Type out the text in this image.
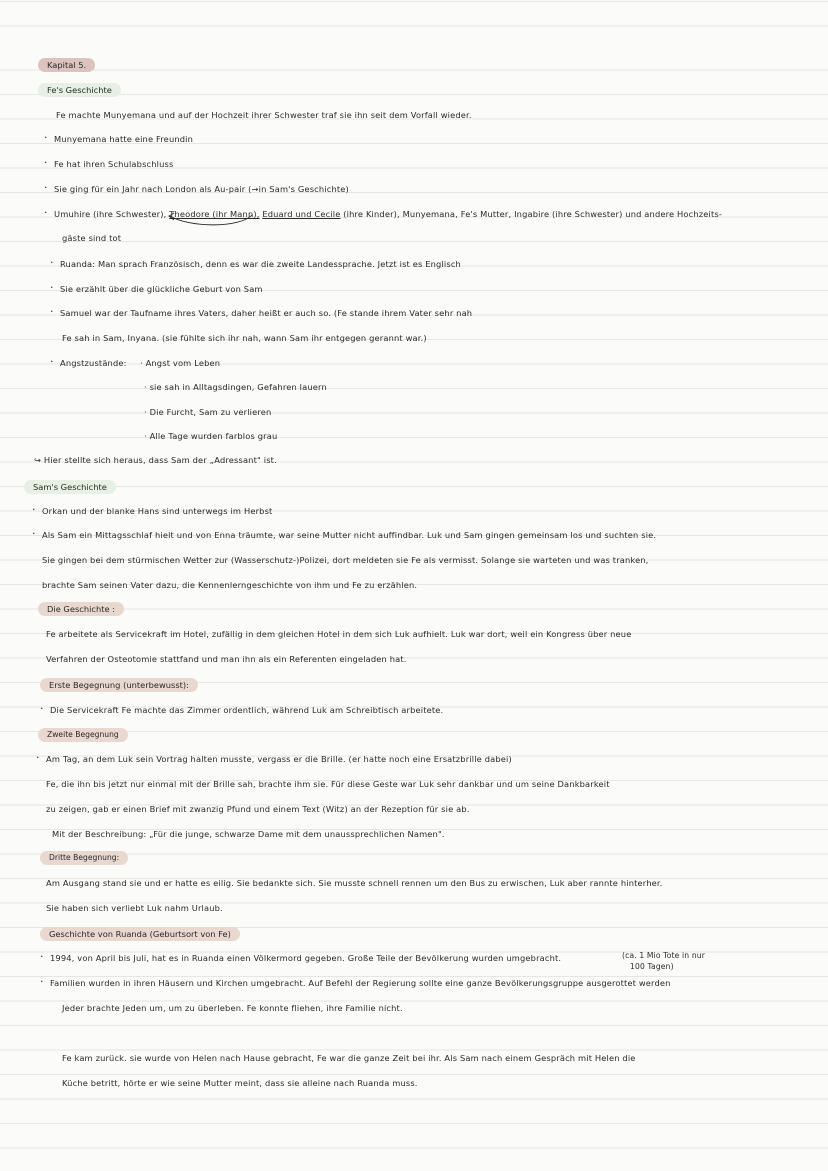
Kapital 5.
Fe's Geschichte
Fe machte Munyemana und auf der Hochzeit ihrer Schwester traf sie ihn seit dem Vorfall wieder.
· Munyemana hatte eine Freundin
· Fe hat ihren Schulabschluss
· Sie ging für ein Jahr nach London als Au-pair (→in Sam's Geschichte)
· Umuhire (ihre Schwester), Theodore (ihr Mann), Eduard und Cecile (ihre Kinder), Munyemana, Fe's Mutter, Ingabire (ihre Schwester) und andere Hochzeits-
gäste sind tot
· Ruanda: Man sprach Französisch, denn es war die zweite Landessprache. Jetzt ist es Englisch
· Sie erzählt über die glückliche Geburt von Sam
· Samuel war der Taufname ihres Vaters, daher heißt er auch so. (Fe stande ihrem Vater sehr nah
Fe sah in Sam, Inyana. (sie fühlte sich ihr nah, wann Sam ihr entgegen gerannt war.)
· Angstzustände: · Angst vom Leben
· sie sah in Alltagsdingen, Gefahren lauern
· Die Furcht, Sam zu verlieren
· Alle Tage wurden farblos grau
↪ Hier stellte sich heraus, dass Sam der „Adressant" ist.
Sam's Geschichte
· Orkan und der blanke Hans sind unterwegs im Herbst
· Als Sam ein Mittagsschlaf hielt und von Enna träumte, war seine Mutter nicht auffindbar. Luk und Sam gingen gemeinsam los und suchten sie.
Sie gingen bei dem stürmischen Wetter zur (Wasserschutz-)Polizei, dort meldeten sie Fe als vermisst. Solange sie warteten und was tranken,
brachte Sam seinen Vater dazu, die Kennenlerngeschichte von ihm und Fe zu erzählen.
Die Geschichte :
Fe arbeitete als Servicekraft im Hotel, zufällig in dem gleichen Hotel in dem sich Luk aufhielt. Luk war dort, weil ein Kongress über neue
Verfahren der Osteotomie stattfand und man ihn als ein Referenten eingeladen hat.
Erste Begegnung (unterbewusst):
· Die Servicekraft Fe machte das Zimmer ordentlich, während Luk am Schreibtisch arbeitete.
Zweite Begegnung
· Am Tag, an dem Luk sein Vortrag halten musste, vergass er die Brille. (er hatte noch eine Ersatzbrille dabei)
Fe, die ihn bis jetzt nur einmal mit der Brille sah, brachte ihm sie. Für diese Geste war Luk sehr dankbar und um seine Dankbarkeit
zu zeigen, gab er einen Brief mit zwanzig Pfund und einem Text (Witz) an der Rezeption für sie ab.
Mit der Beschreibung: „Für die junge, schwarze Dame mit dem unaussprechlichen Namen".
Dritte Begegnung:
Am Ausgang stand sie und er hatte es eilig. Sie bedankte sich. Sie musste schnell rennen um den Bus zu erwischen, Luk aber rannte hinterher.
Sie haben sich verliebt Luk nahm Urlaub.
Geschichte von Ruanda (Geburtsort von Fe)
· 1994, von April bis Juli, hat es in Ruanda einen Völkermord gegeben. Große Teile der Bevölkerung wurden umgebracht.	(ca. 1 Mio Tote in nur
100 Tagen)
· Familien wurden in ihren Häusern und Kirchen umgebracht. Auf Befehl der Regierung sollte eine ganze Bevölkerungsgruppe ausgerottet werden
Jeder brachte Jeden um, um zu überleben. Fe konnte fliehen, ihre Familie nicht.
Fe kam zurück. sie wurde von Helen nach Hause gebracht, Fe war die ganze Zeit bei ihr. Als Sam nach einem Gespräch mit Helen die
Küche betritt, hörte er wie seine Mutter meint, dass sie alleine nach Ruanda muss.
